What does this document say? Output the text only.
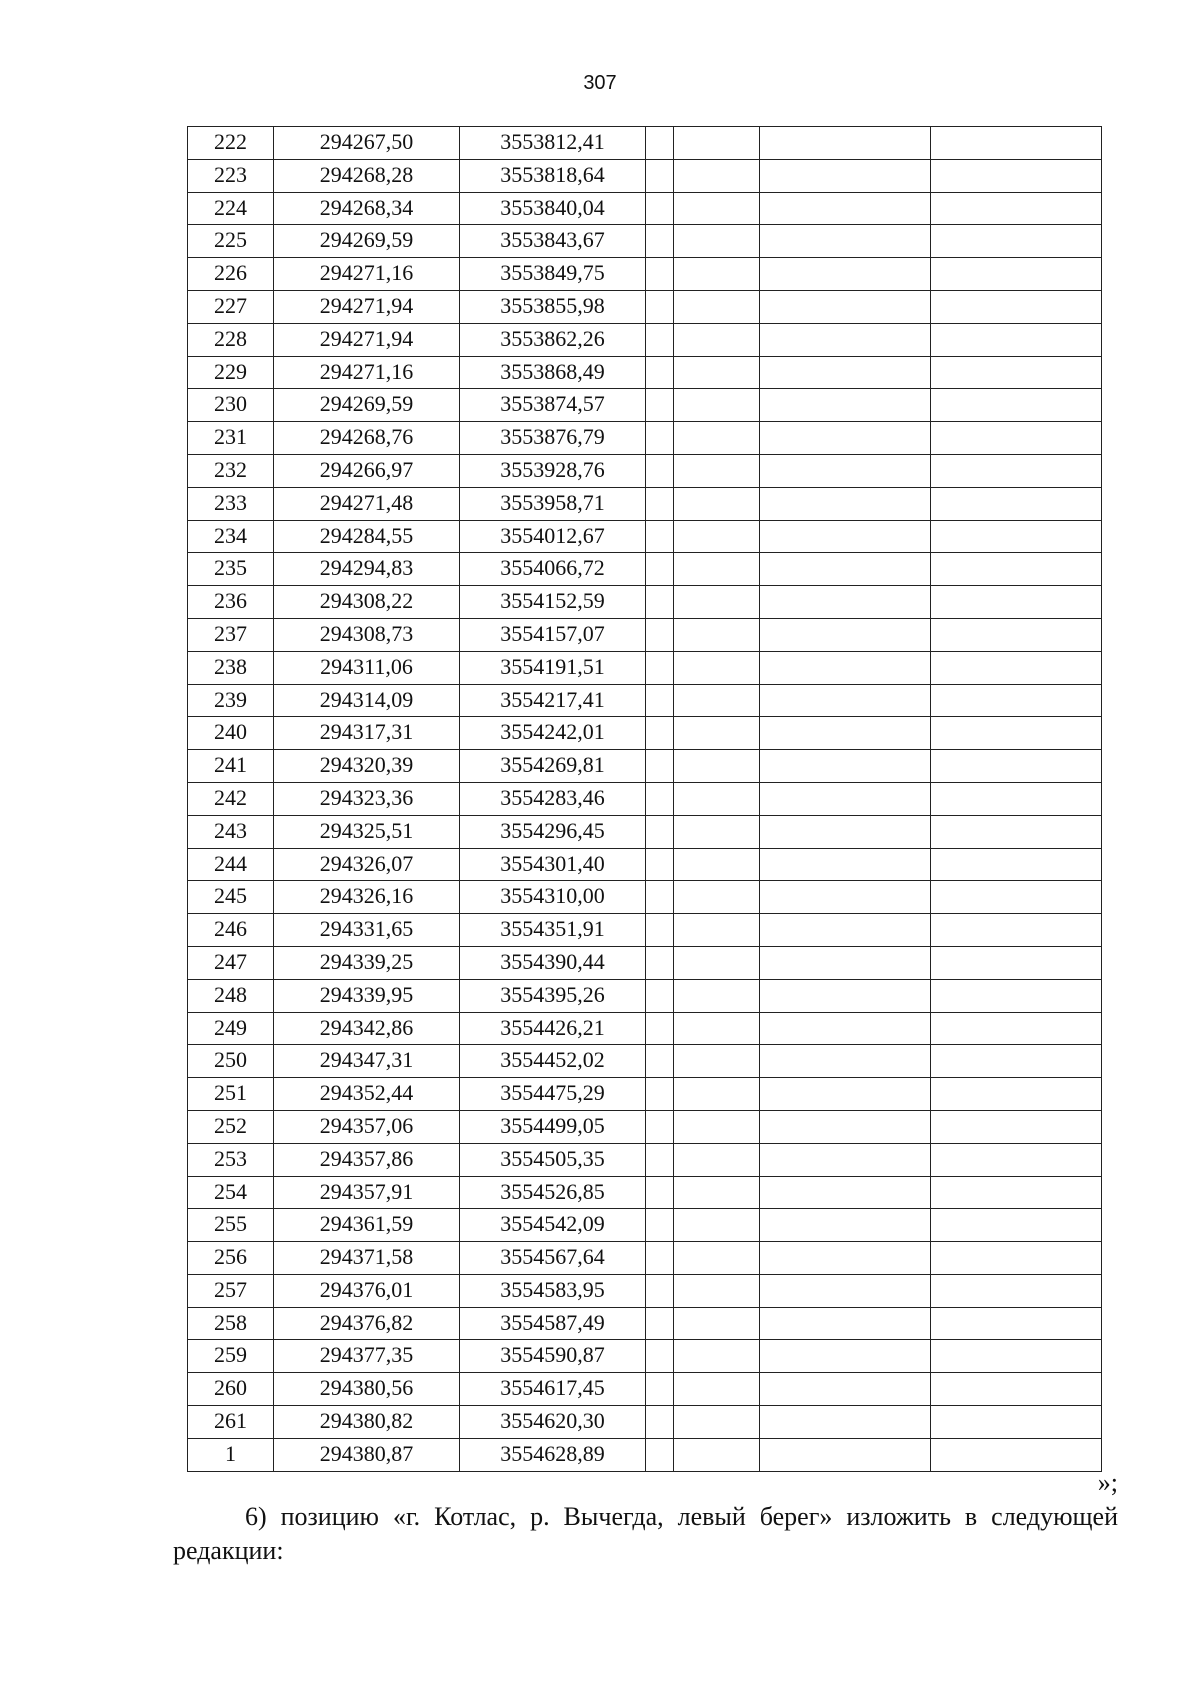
307
222	294267,50	3553812,41				
223	294268,28	3553818,64				
224	294268,34	3553840,04				
225	294269,59	3553843,67				
226	294271,16	3553849,75				
227	294271,94	3553855,98				
228	294271,94	3553862,26				
229	294271,16	3553868,49				
230	294269,59	3553874,57				
231	294268,76	3553876,79				
232	294266,97	3553928,76				
233	294271,48	3553958,71				
234	294284,55	3554012,67				
235	294294,83	3554066,72				
236	294308,22	3554152,59				
237	294308,73	3554157,07				
238	294311,06	3554191,51				
239	294314,09	3554217,41				
240	294317,31	3554242,01				
241	294320,39	3554269,81				
242	294323,36	3554283,46				
243	294325,51	3554296,45				
244	294326,07	3554301,40				
245	294326,16	3554310,00				
246	294331,65	3554351,91				
247	294339,25	3554390,44				
248	294339,95	3554395,26				
249	294342,86	3554426,21				
250	294347,31	3554452,02				
251	294352,44	3554475,29				
252	294357,06	3554499,05				
253	294357,86	3554505,35				
254	294357,91	3554526,85				
255	294361,59	3554542,09				
256	294371,58	3554567,64				
257	294376,01	3554583,95				
258	294376,82	3554587,49				
259	294377,35	3554590,87				
260	294380,56	3554617,45				
261	294380,82	3554620,30				
1	294380,87	3554628,89				
»;
6) позицию «г. Котлас, р. Вычегда, левый берег» изложить в следующей редакции:
